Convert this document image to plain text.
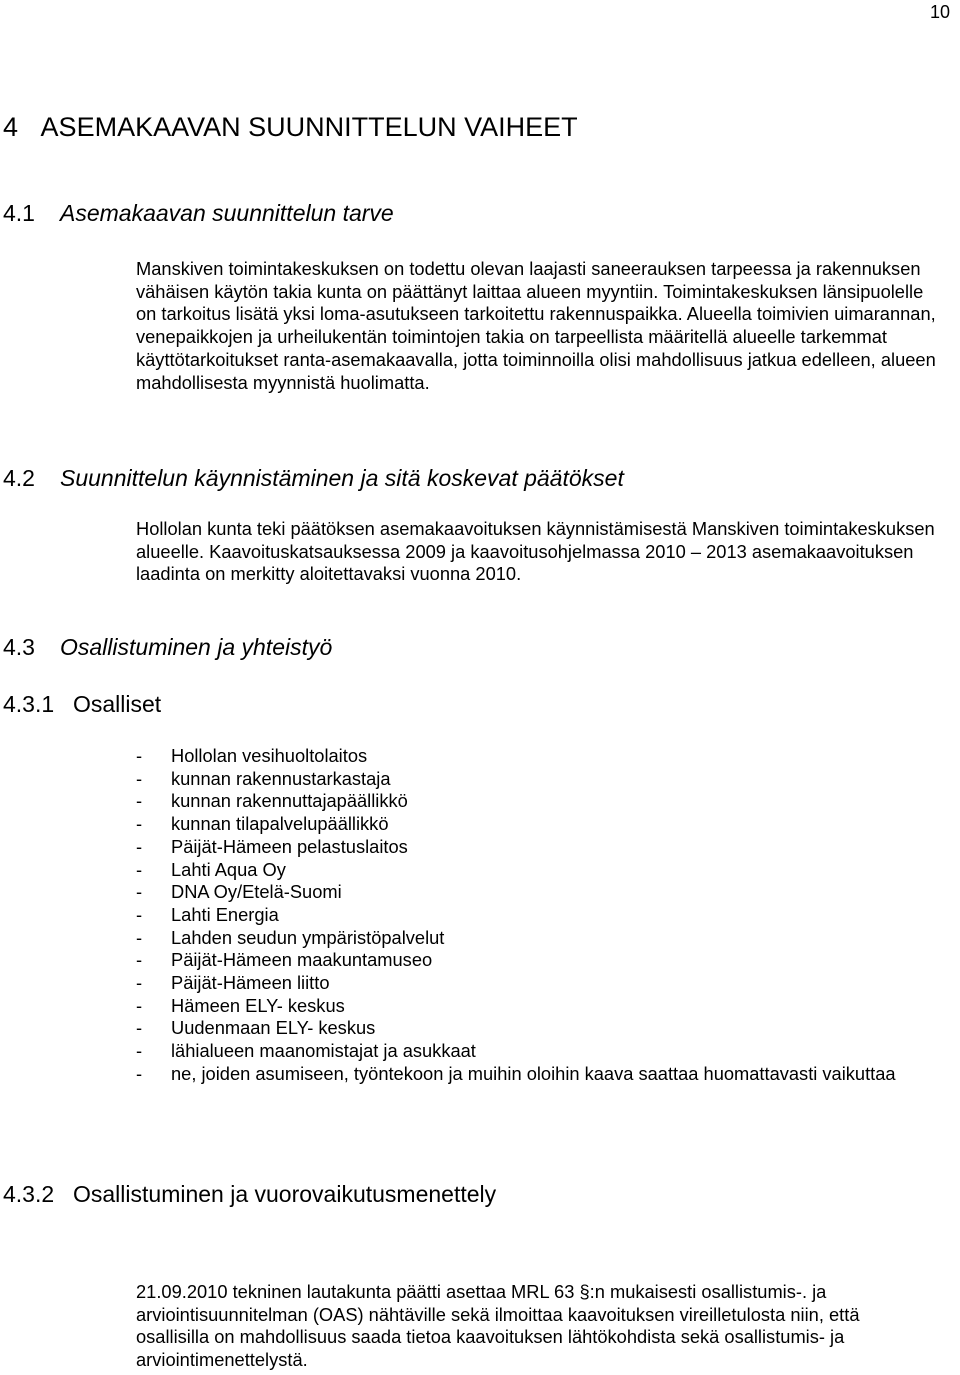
10
4 ASEMAKAAVAN SUUNNITTELUN VAIHEET
4.1 Asemakaavan suunnittelun tarve

Manskiven toimintakeskuksen on todettu olevan laajasti saneerauksen tarpeessa ja rakennuksen vähäisen käytön takia kunta on päättänyt laittaa alueen myyntiin. Toimintakeskuksen länsipuolelle on tarkoitus lisätä yksi loma-asutukseen tarkoitettu rakennuspaikka. Alueella toimivien uimarannan, venepaikkojen ja urheilukentän toimintojen takia on tarpeellista määritellä alueelle tarkemmat käyttötarkoitukset ranta-asemakaavalla, jotta toiminnoilla olisi mahdollisuus jatkua edelleen, alueen mahdollisesta myynnistä huolimatta.

4.2 Suunnittelun käynnistäminen ja sitä koskevat päätökset

Hollolan kunta teki päätöksen asemakaavoituksen käynnistämisestä Manskiven toimintakeskuksen alueelle. Kaavoituskatsauksessa 2009 ja kaavoitusohjelmassa 2010 – 2013 asemakaavoituksen laadinta on merkitty aloitettavaksi vuonna 2010.

4.3 Osallistuminen ja yhteistyö
4.3.1 Osalliset
- Hollolan vesihuoltolaitos
- kunnan rakennustarkastaja
- kunnan rakennuttajapäällikkö
- kunnan tilapalvelupäällikkö
- Päijät-Hämeen pelastuslaitos
- Lahti Aqua Oy
- DNA Oy/Etelä-Suomi
- Lahti Energia
- Lahden seudun ympäristöpalvelut
- Päijät-Hämeen maakuntamuseo
- Päijät-Hämeen liitto
- Hämeen ELY- keskus
- Uudenmaan ELY- keskus
- lähialueen maanomistajat ja asukkaat
- ne, joiden asumiseen, työntekoon ja muihin oloihin kaava saattaa huomattavasti vaikuttaa
4.3.2 Osallistuminen ja vuorovaikutusmenettely

21.09.2010 tekninen lautakunta päätti asettaa MRL 63 §:n mukaisesti osallistumis-. ja arviointisuunnitelman (OAS) nähtäville sekä ilmoittaa kaavoituksen vireilletulosta niin, että osallisilla on mahdollisuus saada tietoa kaavoituksen lähtökohdista sekä osallistumis- ja arviointimenettelystä.
